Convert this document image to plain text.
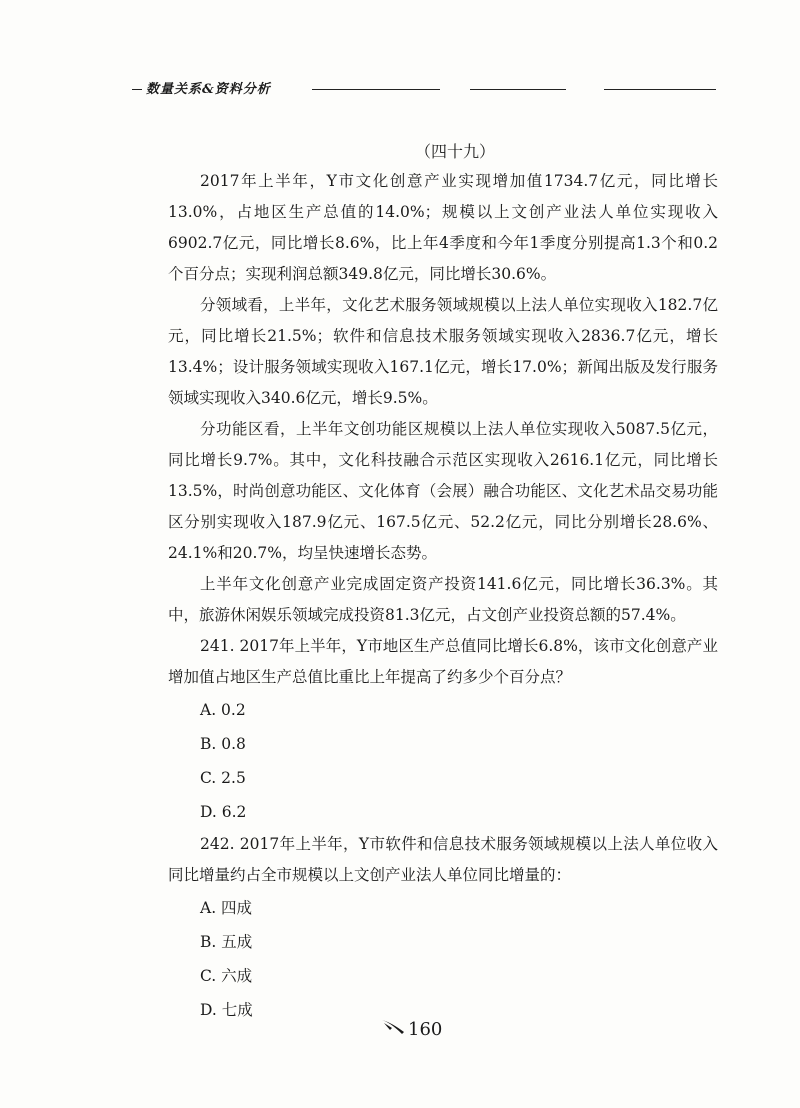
数量关系&资料分析
（四十九）

2017年上半年，Y市文化创意产业实现增加值1734.7亿元，同比增长13.0%，占地区生产总值的14.0%；规模以上文创产业法人单位实现收入6902.7亿元，同比增长8.6%，比上年4季度和今年1季度分别提高1.3个和0.2个百分点；实现利润总额349.8亿元，同比增长30.6%。

分领域看，上半年，文化艺术服务领域规模以上法人单位实现收入182.7亿元，同比增长21.5%；软件和信息技术服务领域实现收入2836.7亿元，增长13.4%；设计服务领域实现收入167.1亿元，增长17.0%；新闻出版及发行服务领域实现收入340.6亿元，增长9.5%。

分功能区看，上半年文创功能区规模以上法人单位实现收入5087.5亿元，同比增长9.7%。其中，文化科技融合示范区实现收入2616.1亿元，同比增长13.5%，时尚创意功能区、文化体育（会展）融合功能区、文化艺术品交易功能区分别实现收入187.9亿元、167.5亿元、52.2亿元，同比分别增长28.6%、24.1%和20.7%，均呈快速增长态势。

上半年文化创意产业完成固定资产投资141.6亿元，同比增长36.3%。其中，旅游休闲娱乐领域完成投资81.3亿元，占文创产业投资总额的57.4%。

241. 2017年上半年，Y市地区生产总值同比增长6.8%，该市文化创意产业增加值占地区生产总值比重比上年提高了约多少个百分点？
A. 0.2
B. 0.8
C. 2.5
D. 6.2
242. 2017年上半年，Y市软件和信息技术服务领域规模以上法人单位收入同比增量约占全市规模以上文创产业法人单位同比增量的：
A. 四成
B. 五成
C. 六成
D. 七成
160
